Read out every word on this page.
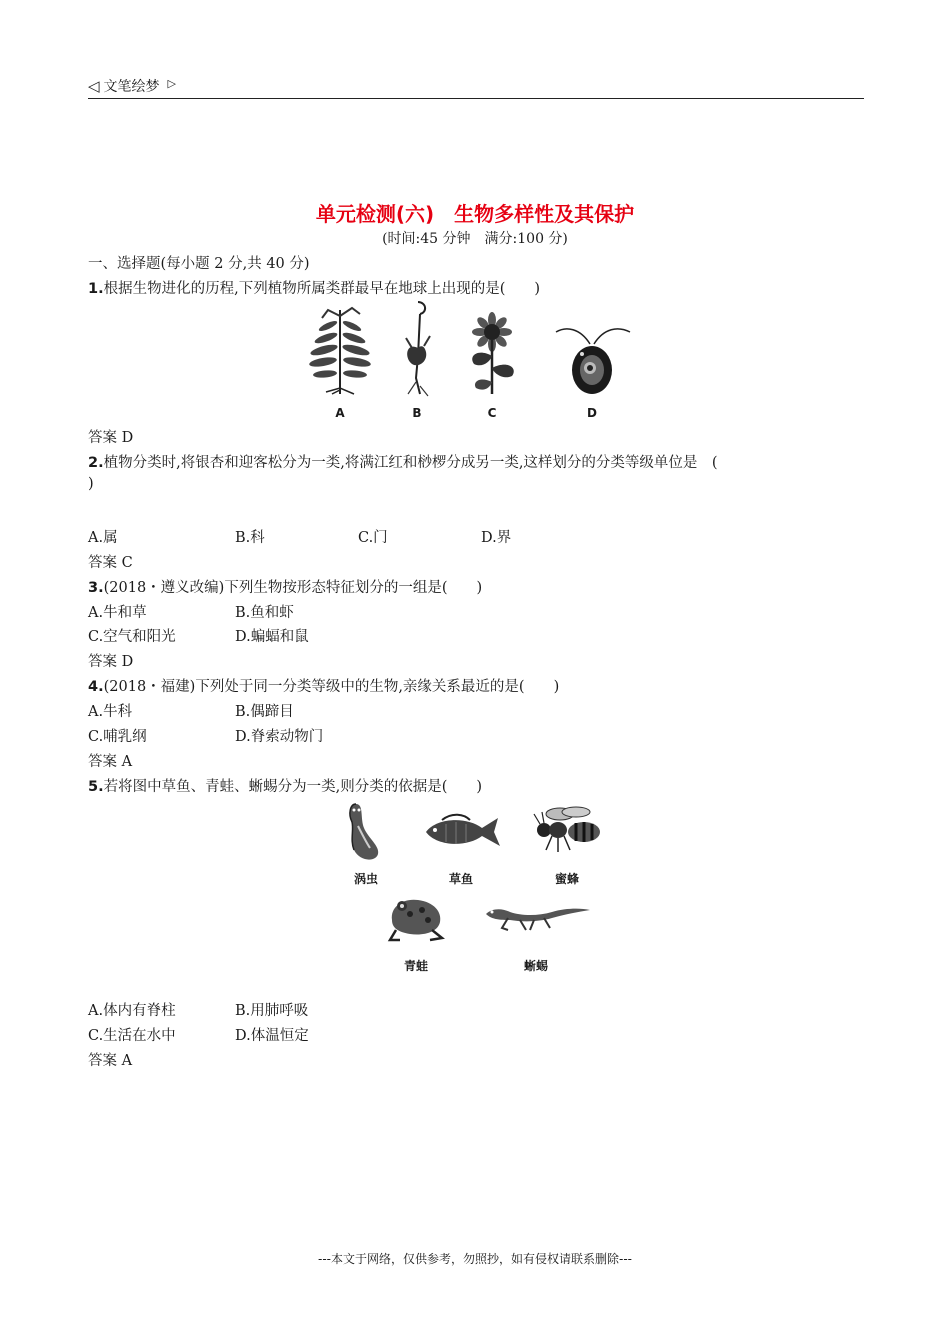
◁ 文笔绘梦 ▷
单元检测(六)　生物多样性及其保护
(时间:45 分钟　满分:100 分)
一、选择题(每小题 2 分,共 40 分)
1.根据生物进化的历程,下列植物所属类群最早在地球上出现的是(　　)
A	B	C	D
答案 D
2.植物分类时,将银杏和迎客松分为一类,将满江红和桫椤分成另一类,这样划分的分类等级单位是　(
)
A.属	B.科	C.门	D.界
答案 C
3.(2018・遵义改编)下列生物按形态特征划分的一组是(　　)
A.牛和草	B.鱼和虾
C.空气和阳光	D.蝙蝠和鼠
答案 D
4.(2018・福建)下列处于同一分类等级中的生物,亲缘关系最近的是(　　)
A.牛科	B.偶蹄目
C.哺乳纲	D.脊索动物门
答案 A
5.若将图中草鱼、青蛙、蜥蜴分为一类,则分类的依据是(　　)
涡虫	草鱼	蜜蜂
青蛙	蜥蜴
A.体内有脊柱	B.用肺呼吸
C.生活在水中	D.体温恒定
答案 A
---本文于网络，仅供参考，勿照抄，如有侵权请联系删除---
